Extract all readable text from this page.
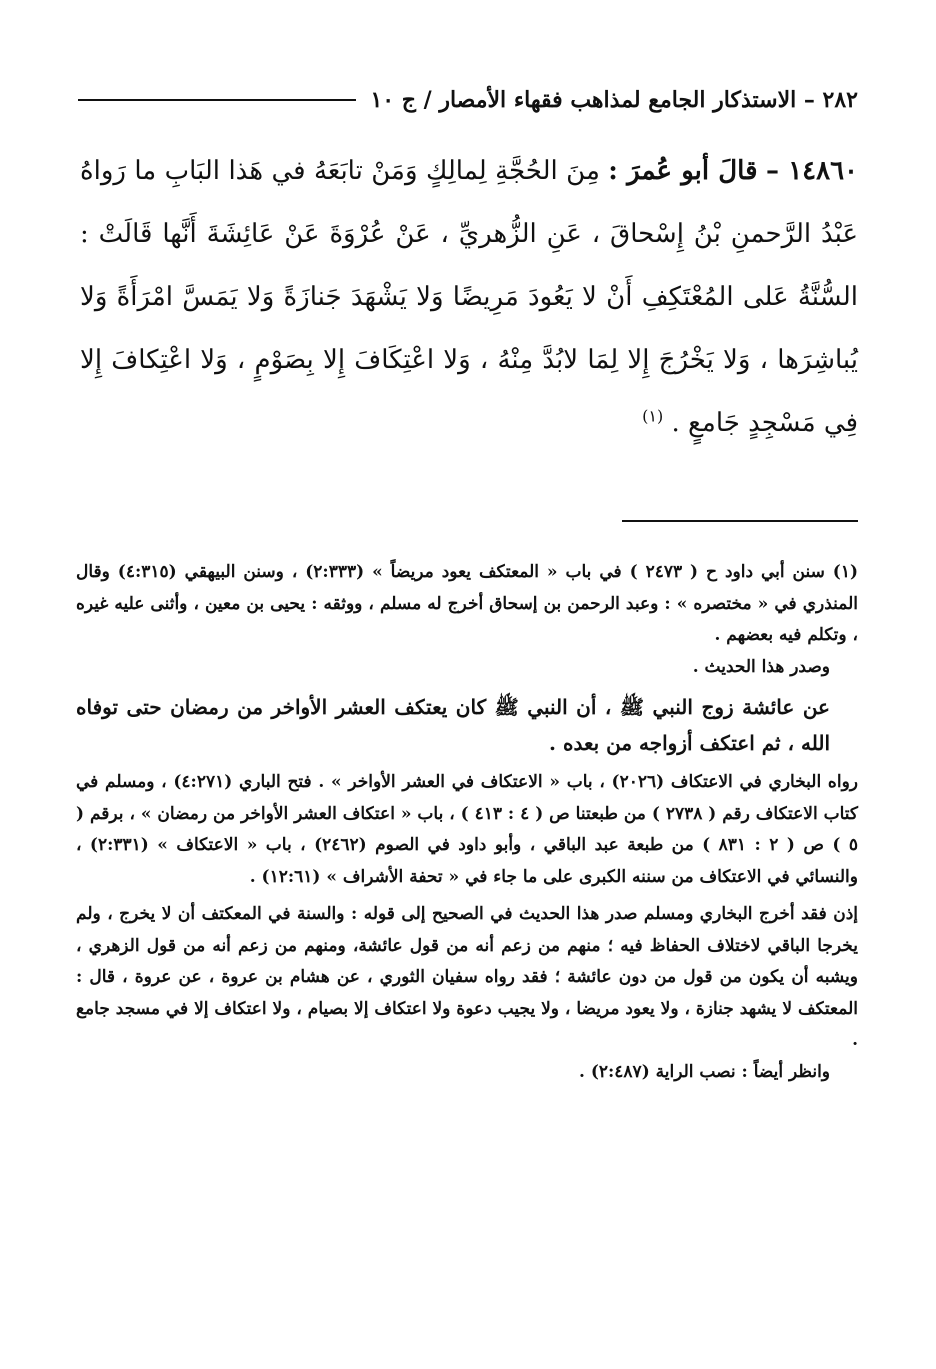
٢٨٢ – الاستذكار الجامع لمذاهب فقهاء الأمصار / ج ١٠
١٤٨٦٠ – قالَ أبو عُمرَ : مِنَ الحُجَّةِ لِمالِكٍ وَمَنْ تابَعَهُ في هَذا البَابِ ما رَواهُ عَبْدُ الرَّحمنِ بْنُ إِسْحاقَ ، عَنِ الزُّهريِّ ، عَنْ عُرْوَةَ عَنْ عَائِشَةَ أَنَّها قَالَتْ : السُّنَّةُ عَلى المُعْتَكِفِ أَنْ لا يَعُودَ مَرِيضًا وَلا يَشْهَدَ جَنازَةً وَلا يَمَسَّ امْرَأَةً وَلا يُباشِرَها ، وَلا يَخْرُجَ إِلا لِمَا لابُدَّ مِنْهُ ، وَلا اعْتِكَافَ إِلا بِصَوْمٍ ، وَلا اعْتِكافَ إِلا فِي مَسْجِدٍ جَامعٍ . $^{(١)}$

(١) سنن أبي داود ح ( ٢٤٧٣ ) في باب « المعتكف يعود مريضاً » (٢:٣٣٣) ، وسنن البيهقي (٤:٣١٥) وقال المنذري في « مختصره » : وعبد الرحمن بن إسحاق أخرج له مسلم ، ووثقه : يحيى بن معين ، وأثنى عليه غيره ، وتكلم فيه بعضهم .

وصدر هذا الحديث .

عن عائشة زوج النبي ﷺ ، أن النبي ﷺ كان يعتكف العشر الأواخر من رمضان حتى توفاه الله ، ثم اعتكف أزواجه من بعده .

رواه البخاري في الاعتكاف (٢٠٢٦) ، باب « الاعتكاف في العشر الأواخر » . فتح الباري (٤:٢٧١) ، ومسلم في كتاب الاعتكاف رقم ( ٢٧٣٨ ) من طبعتنا ص ( ٤ : ٤١٣ ) ، باب « اعتكاف العشر الأواخر من رمضان » ، برقم ( ٥ ) ص ( ٢ : ٨٣١ ) من طبعة عبد الباقي ، وأبو داود في الصوم (٢٤٦٢) ، باب « الاعتكاف » (٢:٣٣١) ، والنسائي في الاعتكاف من سننه الكبرى على ما جاء في « تحفة الأشراف » (١٢:٦١) .

إذن فقد أخرج البخاري ومسلم صدر هذا الحديث في الصحيح إلى قوله : والسنة في المعكتف أن لا يخرج ، ولم يخرجا الباقي لاختلاف الحفاظ فيه ؛ منهم من زعم أنه من قول عائشة، ومنهم من زعم أنه من قول الزهري ، ويشبه أن يكون من قول من دون عائشة ؛ فقد رواه سفيان الثوري ، عن هشام بن عروة ، عن عروة ، قال : المعتكف لا يشهد جنازة ، ولا يعود مريضا ، ولا يجيب دعوة ولا اعتكاف إلا بصيام ، ولا اعتكاف إلا في مسجد جامع .

وانظر أيضاً : نصب الراية (٢:٤٨٧) .
